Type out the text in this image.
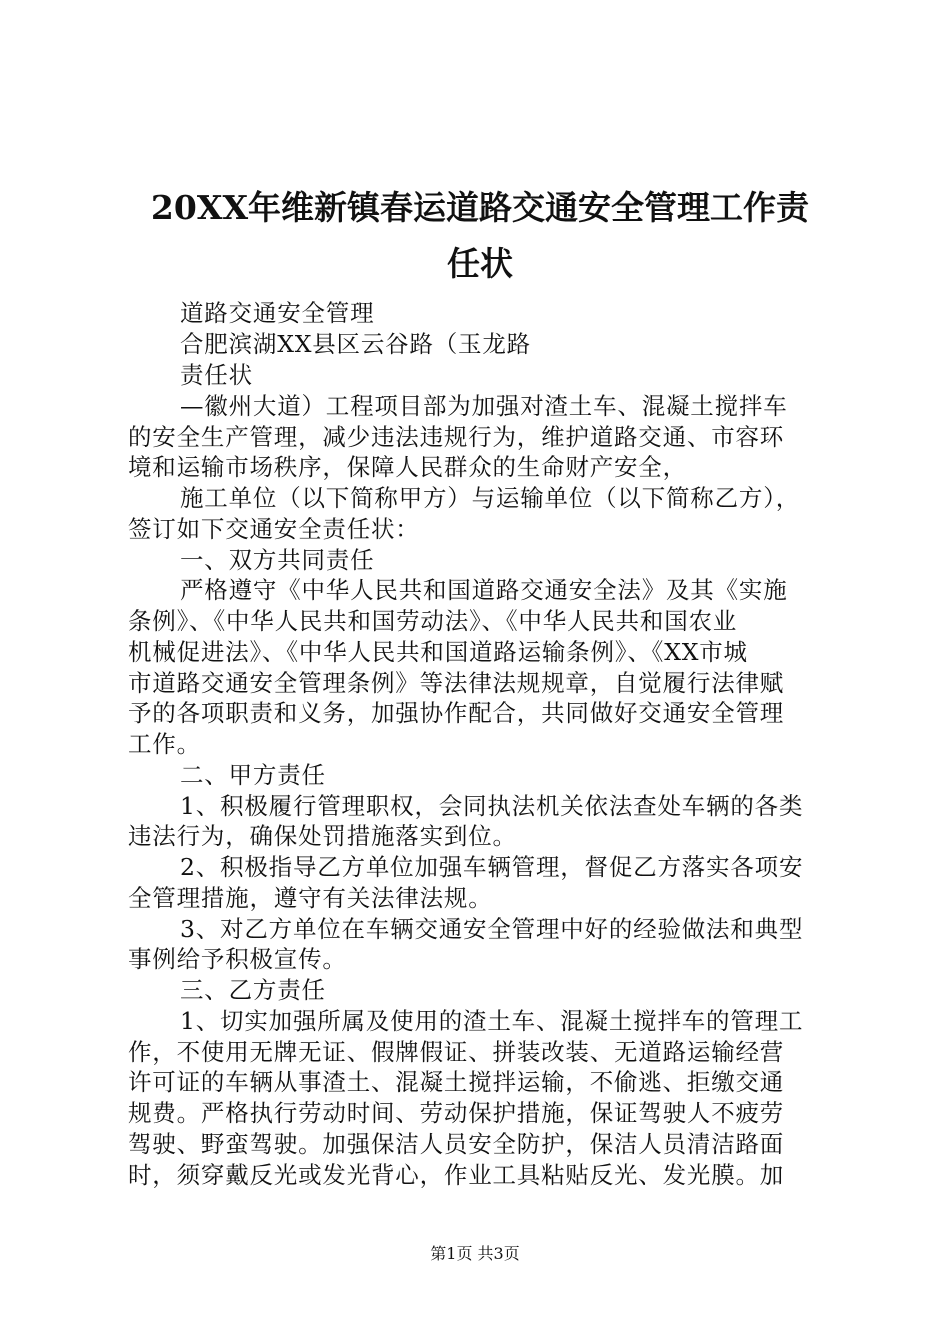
20XX年维新镇春运道路交通安全管理工作责
任状
道路交通安全管理
合肥滨湖XX县区云谷路（玉龙路
责任状
—徽州大道）工程项目部为加强对渣土车、混凝土搅拌车
的安全生产管理，减少违法违规行为，维护道路交通、市容环
境和运输市场秩序，保障人民群众的生命财产安全，
施工单位（以下简称甲方）与运输单位（以下简称乙方），
签订如下交通安全责任状：
一、双方共同责任
严格遵守《中华人民共和国道路交通安全法》及其《实施
条例》、《中华人民共和国劳动法》、《中华人民共和国农业
机械促进法》、《中华人民共和国道路运输条例》、《XX市城
市道路交通安全管理条例》等法律法规规章，自觉履行法律赋
予的各项职责和义务，加强协作配合，共同做好交通安全管理
工作。
二、甲方责任
1、积极履行管理职权，会同执法机关依法查处车辆的各类
违法行为，确保处罚措施落实到位。
2、积极指导乙方单位加强车辆管理，督促乙方落实各项安
全管理措施，遵守有关法律法规。
3、对乙方单位在车辆交通安全管理中好的经验做法和典型
事例给予积极宣传。
三、乙方责任
1、切实加强所属及使用的渣土车、混凝土搅拌车的管理工
作，不使用无牌无证、假牌假证、拼装改装、无道路运输经营
许可证的车辆从事渣土、混凝土搅拌运输，不偷逃、拒缴交通
规费。严格执行劳动时间、劳动保护措施，保证驾驶人不疲劳
驾驶、野蛮驾驶。加强保洁人员安全防护，保洁人员清洁路面
时，须穿戴反光或发光背心，作业工具粘贴反光、发光膜。加
第1页 共3页
